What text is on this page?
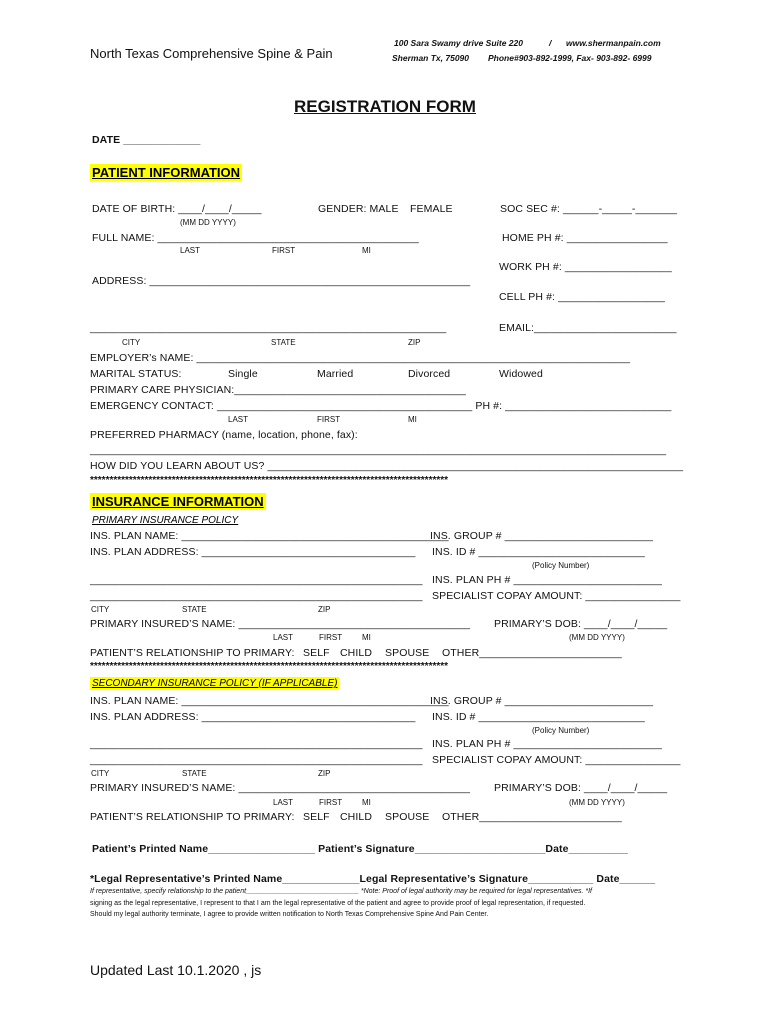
North Texas Comprehensive Spine & Pain
100 Sara Swamy drive Suite 220	/ www.shermanpain.com
Sherman Tx, 75090 Phone#903-892-1999, Fax- 903-892- 6999
REGISTRATION FORM
DATE _____________
PATIENT INFORMATION
DATE OF BIRTH: ____/____/_____
(MM DD YYYY)
GENDER: MALE FEMALE	SOC SEC #: ______-_____-_______
FULL NAME: ____________________________________________	HOME PH #: _________________
LAST	FIRST	MI
WORK PH #: __________________
ADDRESS: ______________________________________________________
CELL PH #: __________________
____________________________________________________________	EMAIL:________________________
CITY	STATE	ZIP
EMPLOYER’s NAME: _________________________________________________________________________
MARITAL STATUS:	Single	Married	Divorced	Widowed
PRIMARY CARE PHYSICIAN:_______________________________________
EMERGENCY CONTACT: ___________________________________________ PH #: ____________________________
LAST	FIRST	MI
PREFERRED PHARMACY (name, location, phone, fax):
_________________________________________________________________________________________________
HOW DID YOU LEARN ABOUT US? ______________________________________________________________________
********************************************************************************************
INSURANCE INFORMATION
PRIMARY INSURANCE POLICY
INS. PLAN NAME: _____________________________________________
INS. GROUP # _________________________
INS. PLAN ADDRESS: ____________________________________ INS. ID # ____________________________
(Policy Number)
________________________________________________________ INS. PLAN PH # _________________________
________________________________________________________ SPECIALIST COPAY AMOUNT: ________________
CITY	STATE	ZIP
PRIMARY INSURED’S NAME: _______________________________________ PRIMARY’S DOB: ____/____/_____
LAST	FIRST MI	(MM DD YYYY)
PATIENT’S RELATIONSHIP TO PRIMARY: SELF CHILD SPOUSE OTHER________________________
********************************************************************************************
SECONDARY INSURANCE POLICY (IF APPLICABLE)
INS. PLAN NAME: _____________________________________________
INS. GROUP # _________________________
INS. PLAN ADDRESS: ____________________________________ INS. ID # ____________________________
(Policy Number)
________________________________________________________ INS. PLAN PH # _________________________
________________________________________________________ SPECIALIST COPAY AMOUNT: ________________
CITY	STATE	ZIP
PRIMARY INSURED’S NAME: _______________________________________ PRIMARY’S DOB: ____/____/_____
LAST	FIRST MI	(MM DD YYYY)
PATIENT’S RELATIONSHIP TO PRIMARY: SELF CHILD SPOUSE OTHER________________________
Patient’s Printed Name__________________ Patient’s Signature______________________Date__________
*Legal Representative’s Printed Name_____________Legal Representative’s Signature___________ Date______
If representative, specify relationship to the patient_____________________________ *Note: Proof of legal authority may be required for legal representatives. *If
signing as the legal representative, I represent to that I am the legal representative of the patient and agree to provide proof of legal representation, if requested.
Should my legal authority terminate, I agree to provide written notification to North Texas Comprehensive Spine And Pain Center.
Updated Last 10.1.2020 , js
